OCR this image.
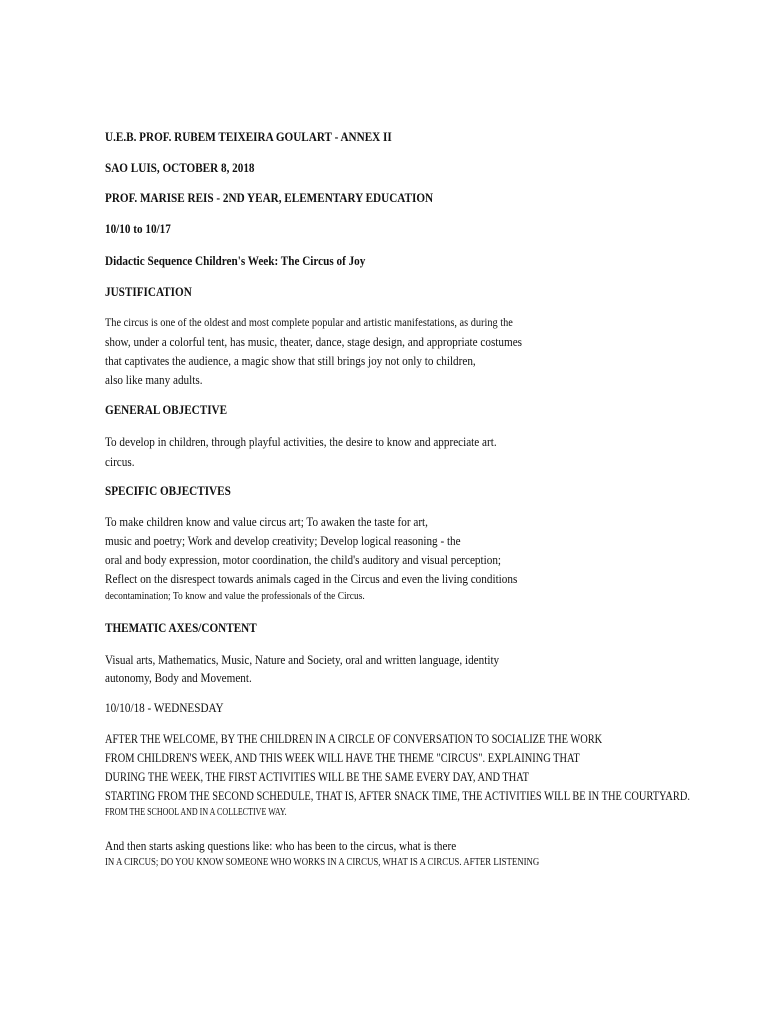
U.E.B. PROF. RUBEM TEIXEIRA GOULART - ANNEX II
SAO LUIS, OCTOBER 8, 2018
PROF. MARISE REIS - 2ND YEAR, ELEMENTARY EDUCATION
10/10 to 10/17
Didactic Sequence Children's Week: The Circus of Joy
JUSTIFICATION
The circus is one of the oldest and most complete popular and artistic manifestations, as during the
show, under a colorful tent, has music, theater, dance, stage design, and appropriate costumes
that captivates the audience, a magic show that still brings joy not only to children,
also like many adults.
GENERAL OBJECTIVE
To develop in children, through playful activities, the desire to know and appreciate art.
circus.
SPECIFIC OBJECTIVES
To make children know and value circus art; To awaken the taste for art,
music and poetry; Work and develop creativity; Develop logical reasoning - the
oral and body expression, motor coordination, the child's auditory and visual perception;
Reflect on the disrespect towards animals caged in the Circus and even the living conditions
decontamination; To know and value the professionals of the Circus.
THEMATIC AXES/CONTENT
Visual arts, Mathematics, Music, Nature and Society, oral and written language, identity
autonomy, Body and Movement.
10/10/18 - WEDNESDAY
AFTER THE WELCOME, BY THE CHILDREN IN A CIRCLE OF CONVERSATION TO SOCIALIZE THE WORK
FROM CHILDREN'S WEEK, AND THIS WEEK WILL HAVE THE THEME "CIRCUS". EXPLAINING THAT
DURING THE WEEK, THE FIRST ACTIVITIES WILL BE THE SAME EVERY DAY, AND THAT
STARTING FROM THE SECOND SCHEDULE, THAT IS, AFTER SNACK TIME, THE ACTIVITIES WILL BE IN THE COURTYARD.
FROM THE SCHOOL AND IN A COLLECTIVE WAY.
And then starts asking questions like: who has been to the circus, what is there
IN A CIRCUS; DO YOU KNOW SOMEONE WHO WORKS IN A CIRCUS, WHAT IS A CIRCUS. AFTER LISTENING
